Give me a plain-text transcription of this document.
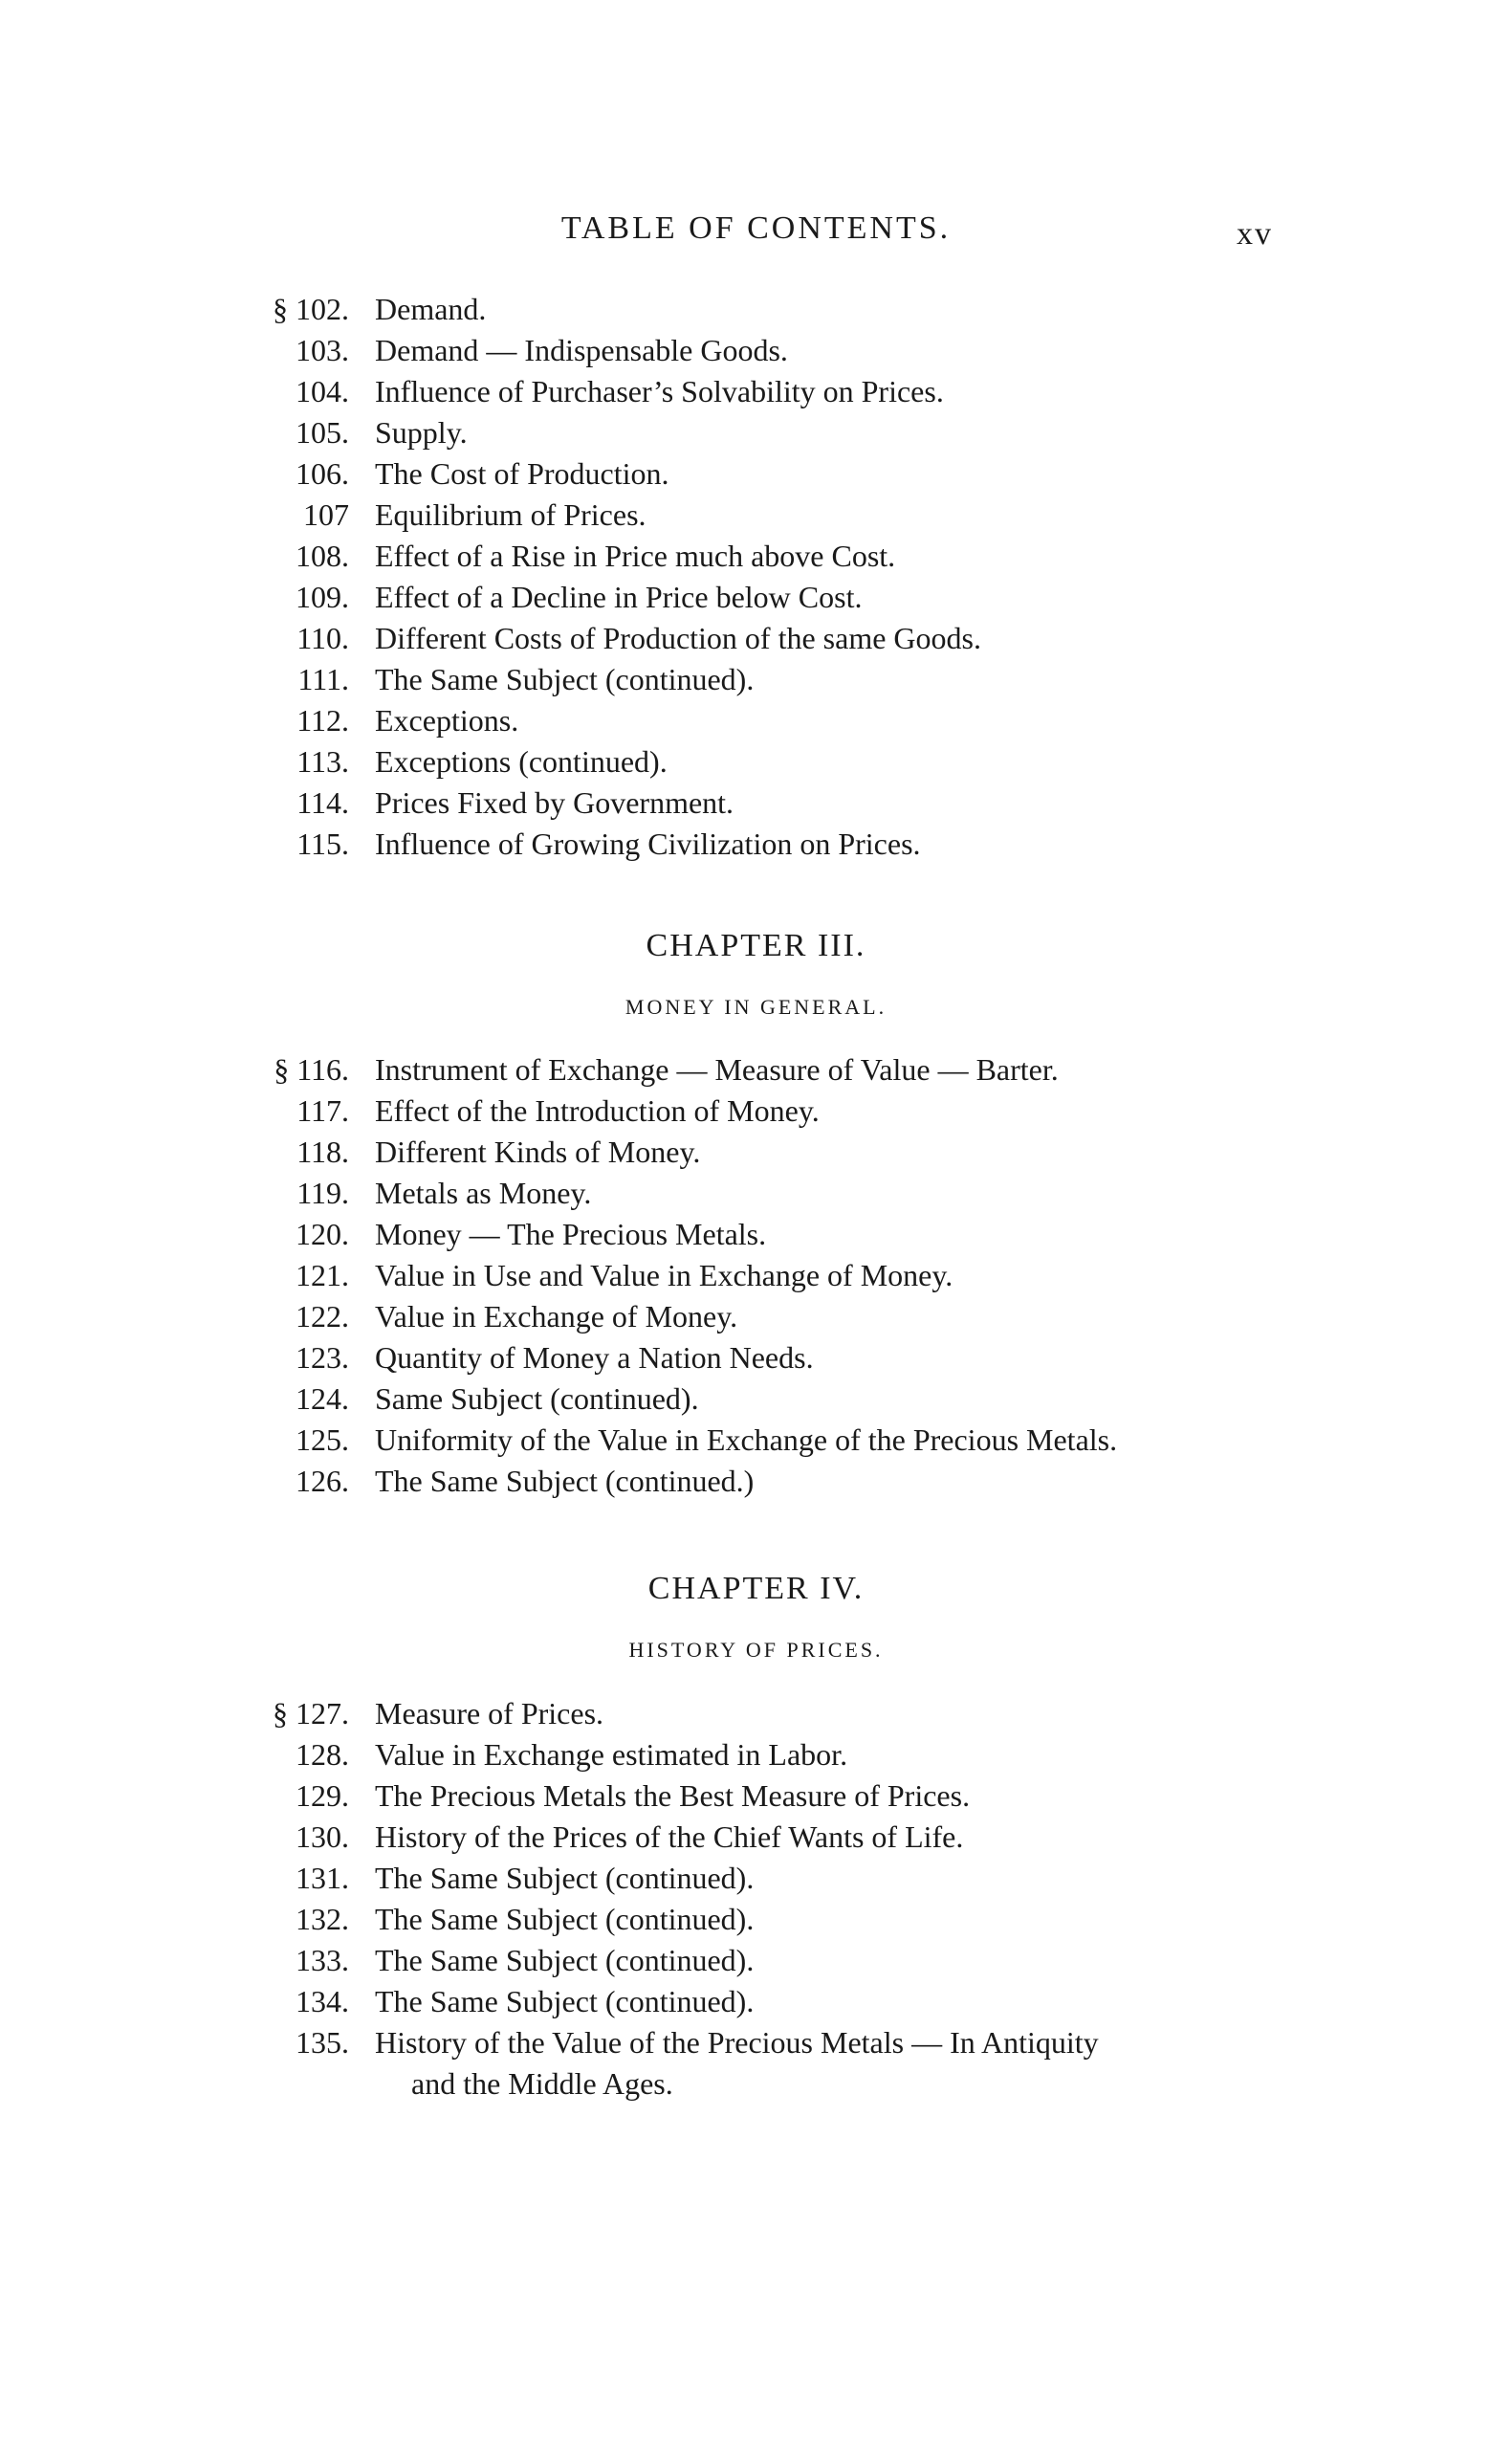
TABLE OF CONTENTS.	xv
§ 102. Demand.
103. Demand — Indispensable Goods.
104. Influence of Purchaser’s Solvability on Prices.
105. Supply.
106. The Cost of Production.
107 Equilibrium of Prices.
108. Effect of a Rise in Price much above Cost.
109. Effect of a Decline in Price below Cost.
110. Different Costs of Production of the same Goods.
111. The Same Subject (continued).
112. Exceptions.
113. Exceptions (continued).
114. Prices Fixed by Government.
115. Influence of Growing Civilization on Prices.
CHAPTER III.
MONEY IN GENERAL.
§ 116. Instrument of Exchange — Measure of Value — Barter.
117. Effect of the Introduction of Money.
118. Different Kinds of Money.
119. Metals as Money.
120. Money — The Precious Metals.
121. Value in Use and Value in Exchange of Money.
122. Value in Exchange of Money.
123. Quantity of Money a Nation Needs.
124. Same Subject (continued).
125. Uniformity of the Value in Exchange of the Precious Metals.
126. The Same Subject (continued.)
CHAPTER IV.
HISTORY OF PRICES.
§ 127. Measure of Prices.
128. Value in Exchange estimated in Labor.
129. The Precious Metals the Best Measure of Prices.
130. History of the Prices of the Chief Wants of Life.
131. The Same Subject (continued).
132. The Same Subject (continued).
133. The Same Subject (continued).
134. The Same Subject (continued).
135. History of the Value of the Precious Metals — In Antiquity
and the Middle Ages.
